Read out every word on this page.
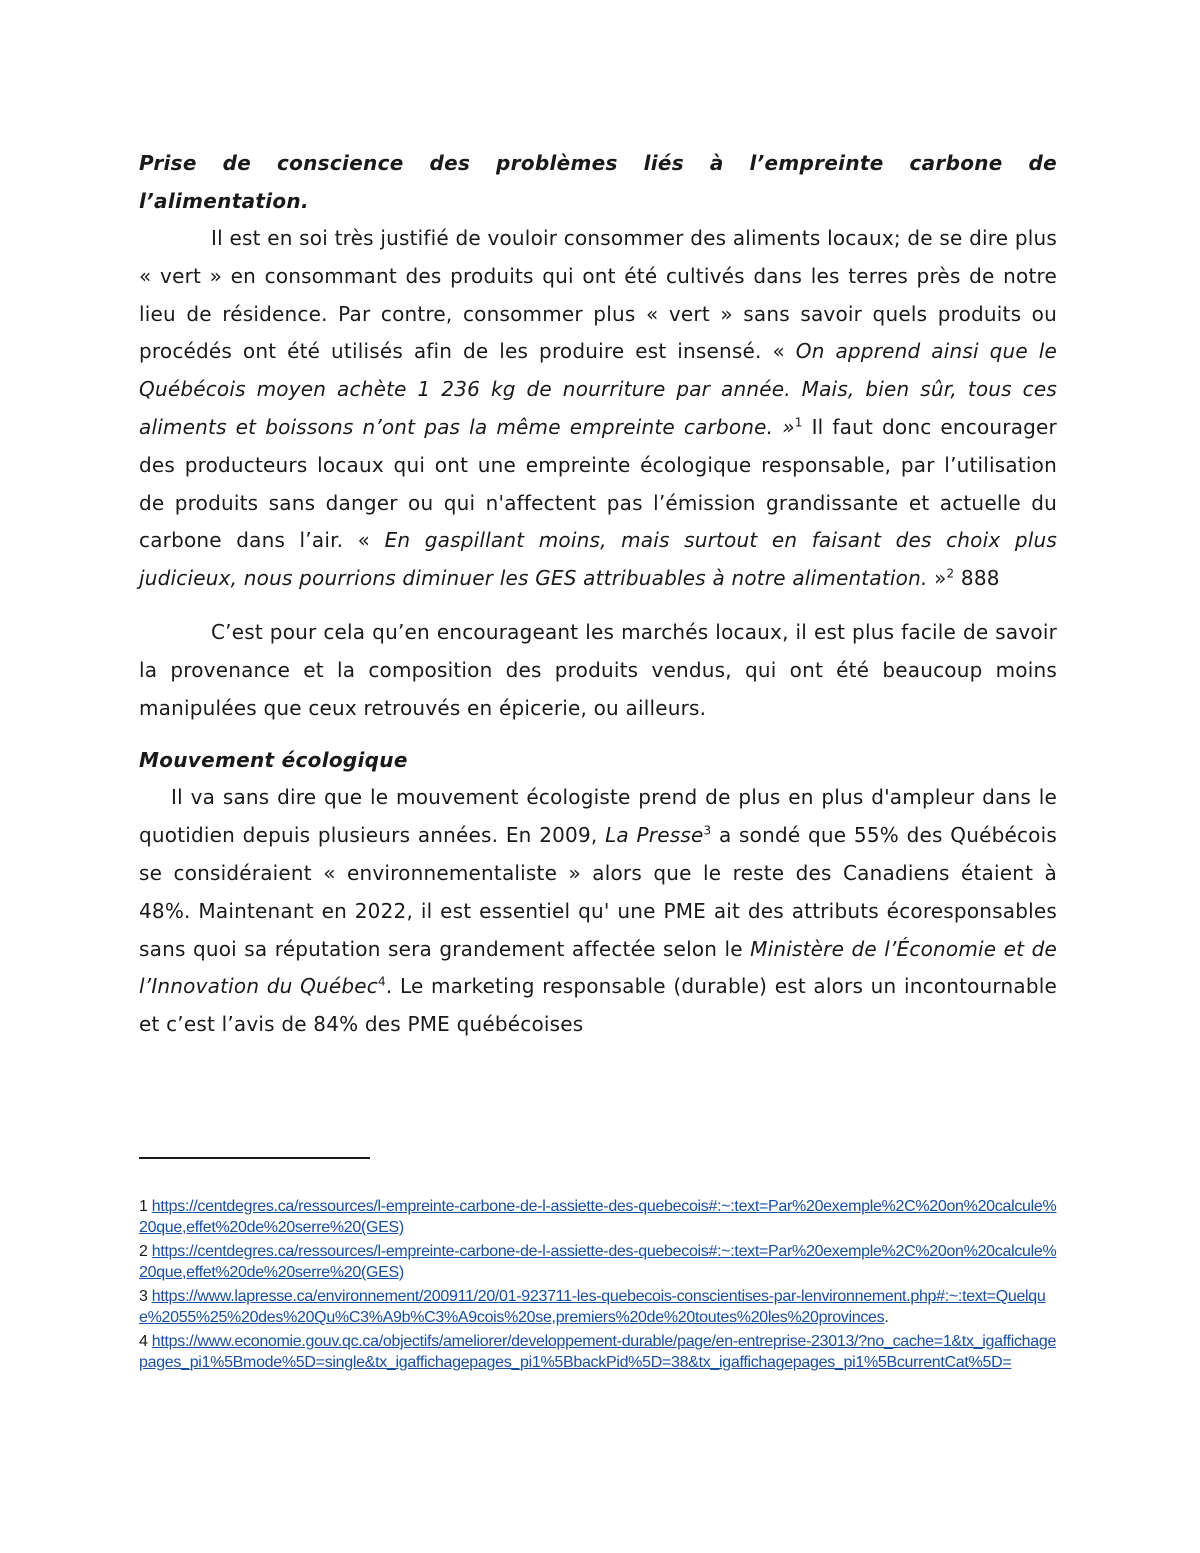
Prise de conscience des problèmes liés à l’empreinte carbone de l’alimentation.

Il est en soi très justifié de vouloir consommer des aliments locaux; de se dire plus « vert » en consommant des produits qui ont été cultivés dans les terres près de notre lieu de résidence. Par contre, consommer plus « vert » sans savoir quels produits ou procédés ont été utilisés afin de les produire est insensé. « On apprend ainsi que le Québécois moyen achète 1 236 kg de nourriture par année. Mais, bien sûr, tous ces aliments et boissons n’ont pas la même empreinte carbone. »$^1$ Il faut donc encourager des producteurs locaux qui ont une empreinte écologique responsable, par l’utilisation de produits sans danger ou qui n'affectent pas l’émission grandissante et actuelle du carbone dans l’air. « En gaspillant moins, mais surtout en faisant des choix plus judicieux, nous pourrions diminuer les GES attribuables à notre alimentation. »$^2$ 888

C’est pour cela qu’en encourageant les marchés locaux, il est plus facile de savoir la provenance et la composition des produits vendus, qui ont été beaucoup moins manipulées que ceux retrouvés en épicerie, ou ailleurs.

Mouvement écologique

Il va sans dire que le mouvement écologiste prend de plus en plus d'ampleur dans le quotidien depuis plusieurs années. En 2009, La Presse$^3$ a sondé que 55% des Québécois se considéraient « environnementaliste » alors que le reste des Canadiens étaient à 48%. Maintenant en 2022, il est essentiel qu' une PME ait des attributs écoresponsables sans quoi sa réputation sera grandement affectée selon le Ministère de l’Économie et de l’Innovation du Québec$^4$. Le marketing responsable (durable) est alors un incontournable et c’est l’avis de 84% des PME québécoises

1 https://centdegres.ca/ressources/l-empreinte-carbone-de-l-assiette-des-quebecois#:~:text=Par%20exemple%2C%20on%20calcule%20que,effet%20de%20serre%20(GES)

2 https://centdegres.ca/ressources/l-empreinte-carbone-de-l-assiette-des-quebecois#:~:text=Par%20exemple%2C%20on%20calcule%20que,effet%20de%20serre%20(GES)

3 https://www.lapresse.ca/environnement/200911/20/01-923711-les-quebecois-conscientises-par-lenvironnement.php#:~:text=Quelque%2055%25%20des%20Qu%C3%A9b%C3%A9cois%20se,premiers%20de%20toutes%20les%20provinces.

4 https://www.economie.gouv.qc.ca/objectifs/ameliorer/developpement-durable/page/en-entreprise-23013/?no_cache=1&tx_igaffichagepages_pi1%5Bmode%5D=single&tx_igaffichagepages_pi1%5BbackPid%5D=38&tx_igaffichagepages_pi1%5BcurrentCat%5D=
